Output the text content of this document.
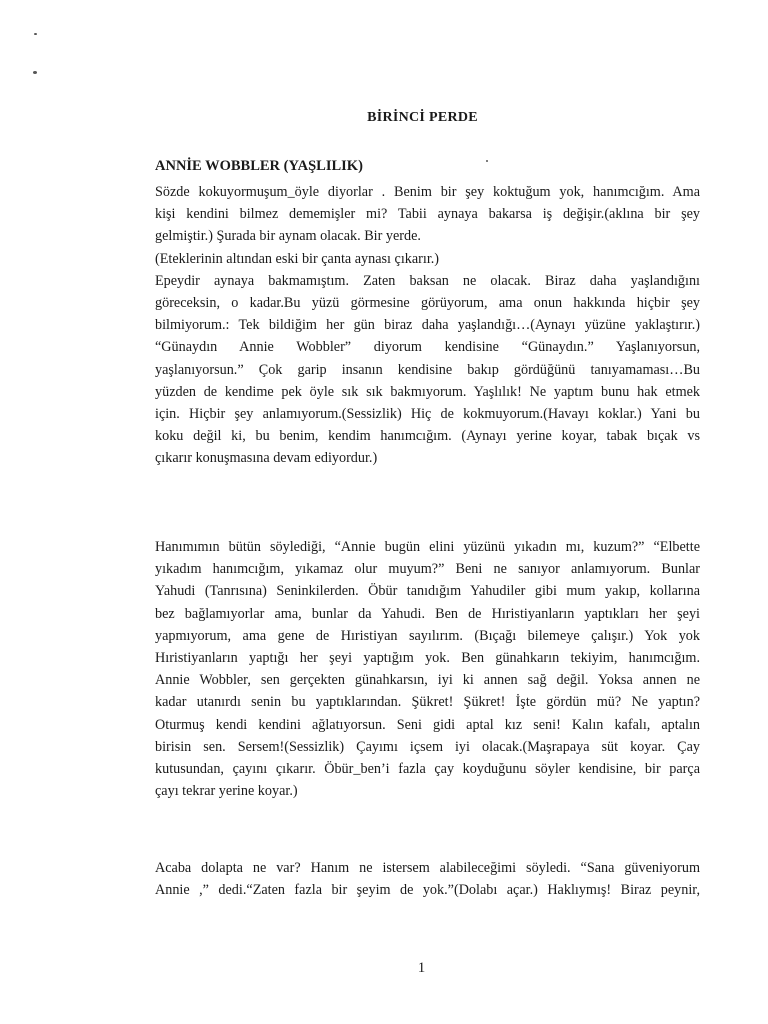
BİRİNCİ PERDE
ANNİE WOBBLER (YAŞLILIK)
Sözde kokuyormuşum_öyle diyorlar . Benim bir şey koktuğum yok, hanımcığım. Ama
kişi kendini bilmez dememişler mi? Tabii aynaya bakarsa iş değişir.(aklına bir şey
gelmiştir.) Şurada bir aynam olacak. Bir yerde.
(Eteklerinin altından eski bir çanta aynası çıkarır.)
Epeydir aynaya bakmamıştım. Zaten baksan ne olacak. Biraz daha yaşlandığını
göreceksin, o kadar.Bu yüzü görmesine görüyorum, ama onun hakkında hiçbir şey
bilmiyorum.: Tek bildiğim her gün biraz daha yaşlandığı…(Aynayı yüzüne yaklaştırır.)
“Günaydın Annie Wobbler” diyorum kendisine “Günaydın.” Yaşlanıyorsun,
yaşlanıyorsun.” Çok garip insanın kendisine bakıp gördüğünü tanıyamaması…Bu
yüzden de kendime pek öyle sık sık bakmıyorum. Yaşlılık! Ne yaptım bunu hak etmek
için. Hiçbir şey anlamıyorum.(Sessizlik) Hiç de kokmuyorum.(Havayı koklar.) Yani bu
koku değil ki, bu benim, kendim hanımcığım. (Aynayı yerine koyar, tabak bıçak vs
çıkarır konuşmasına devam ediyordur.)
Hanımımın bütün söylediği, “Annie bugün elini yüzünü yıkadın mı, kuzum?” “Elbette
yıkadım hanımcığım, yıkamaz olur muyum?” Beni ne sanıyor anlamıyorum. Bunlar
Yahudi (Tanrısına) Seninkilerden. Öbür tanıdığım Yahudiler gibi mum yakıp, kollarına
bez bağlamıyorlar ama, bunlar da Yahudi. Ben de Hıristiyanların yaptıkları her şeyi
yapmıyorum, ama gene de Hıristiyan sayılırım. (Bıçağı bilemeye çalışır.) Yok yok
Hıristiyanların yaptığı her şeyi yaptığım yok. Ben günahkarın tekiyim, hanımcığım.
Annie Wobbler, sen gerçekten günahkarsın, iyi ki annen sağ değil. Yoksa annen ne
kadar utanırdı senin bu yaptıklarından. Şükret! Şükret! İşte gördün mü? Ne yaptın?
Oturmuş kendi kendini ağlatıyorsun. Seni gidi aptal kız seni! Kalın kafalı, aptalın
birisin sen. Sersem!(Sessizlik) Çayımı içsem iyi olacak.(Maşrapaya süt koyar. Çay
kutusundan, çayını çıkarır. Öbür_ben’i fazla çay koyduğunu söyler kendisine, bir parça
çayı tekrar yerine koyar.)
Acaba dolapta ne var? Hanım ne istersem alabileceğimi söyledi. “Sana güveniyorum
Annie ,” dedi.“Zaten fazla bir şeyim de yok.”(Dolabı açar.) Haklıymış! Biraz peynir,
1
